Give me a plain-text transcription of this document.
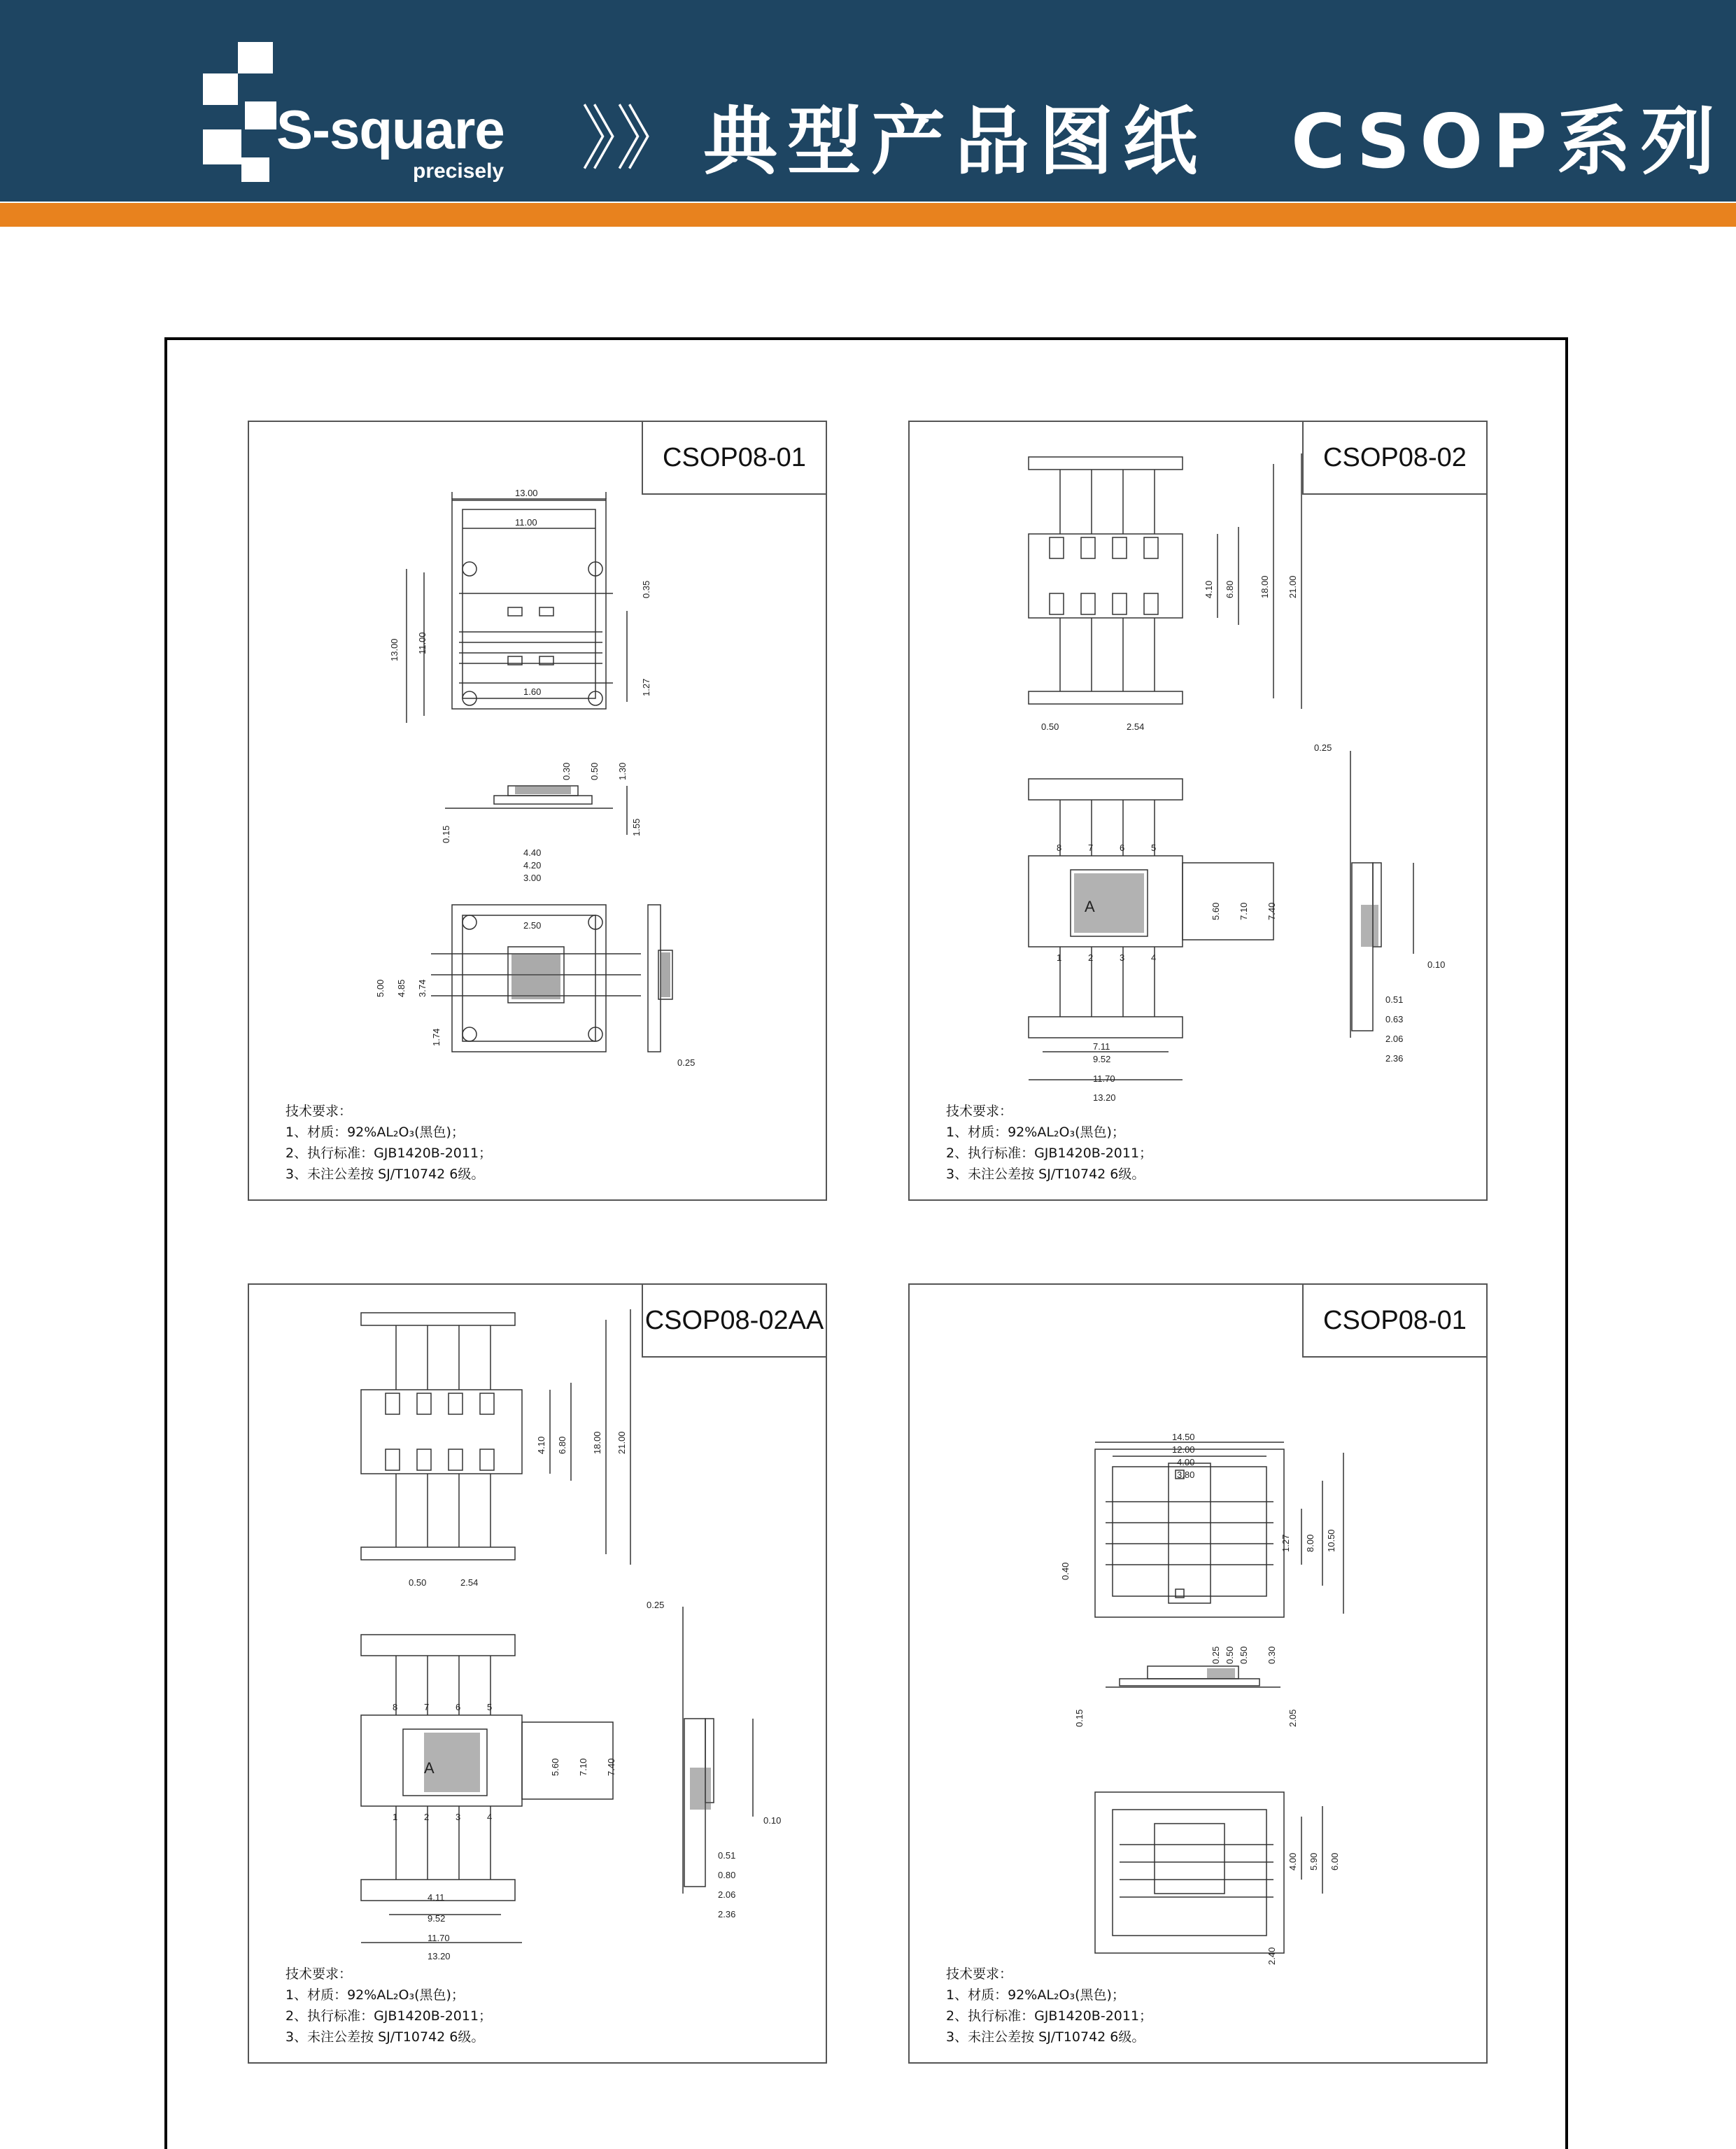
S-square
precisely 》》 典型产品图纸　CSOP系列
13.00
11.00
13.00 11.00
0.35
1.27
1.60
0.30 0.50 1.30
0.15	1.55
4.40
4.20
3.00
2.50
5.00 4.85 3.74
1.74
0.25
CSOP08-01
技术要求：
1、材质：92%AL₂O₃(黑色)；
2、执行标准：GJB1420B-2011；
3、未注公差按 SJ/T10742 6级。
4.10 6.80	18.00 21.00
0.50	2.54
0.25
5.60 7.10 7.40
0.10
0.51
0.63
2.06
2.36
7.11
9.52
11.70
13.20
8	7	6	5
1	2	3	4
A
CSOP08-02
技术要求：
1、材质：92%AL₂O₃(黑色)；
2、执行标准：GJB1420B-2011；
3、未注公差按 SJ/T10742 6级。
4.10 6.80	18.00 21.00
0.50	2.54
0.25
5.60 7.10 7.40
0.10
0.51
0.80
2.06
2.36
4.11
9.52
11.70
13.20
8	7	6	5
1	2	3	4
A
CSOP08-02AA
技术要求：
1、材质：92%AL₂O₃(黑色)；
2、执行标准：GJB1420B-2011；
3、未注公差按 SJ/T10742 6级。
14.50
12.00
4.00
3.80
0.40
1.27 8.00 10.50
0.25 0.50 0.50 0.30
0.15	2.05
4.00 5.90 6.00
2.40
CSOP08-01
技术要求：
1、材质：92%AL₂O₃(黑色)；
2、执行标准：GJB1420B-2011；
3、未注公差按 SJ/T10742 6级。
